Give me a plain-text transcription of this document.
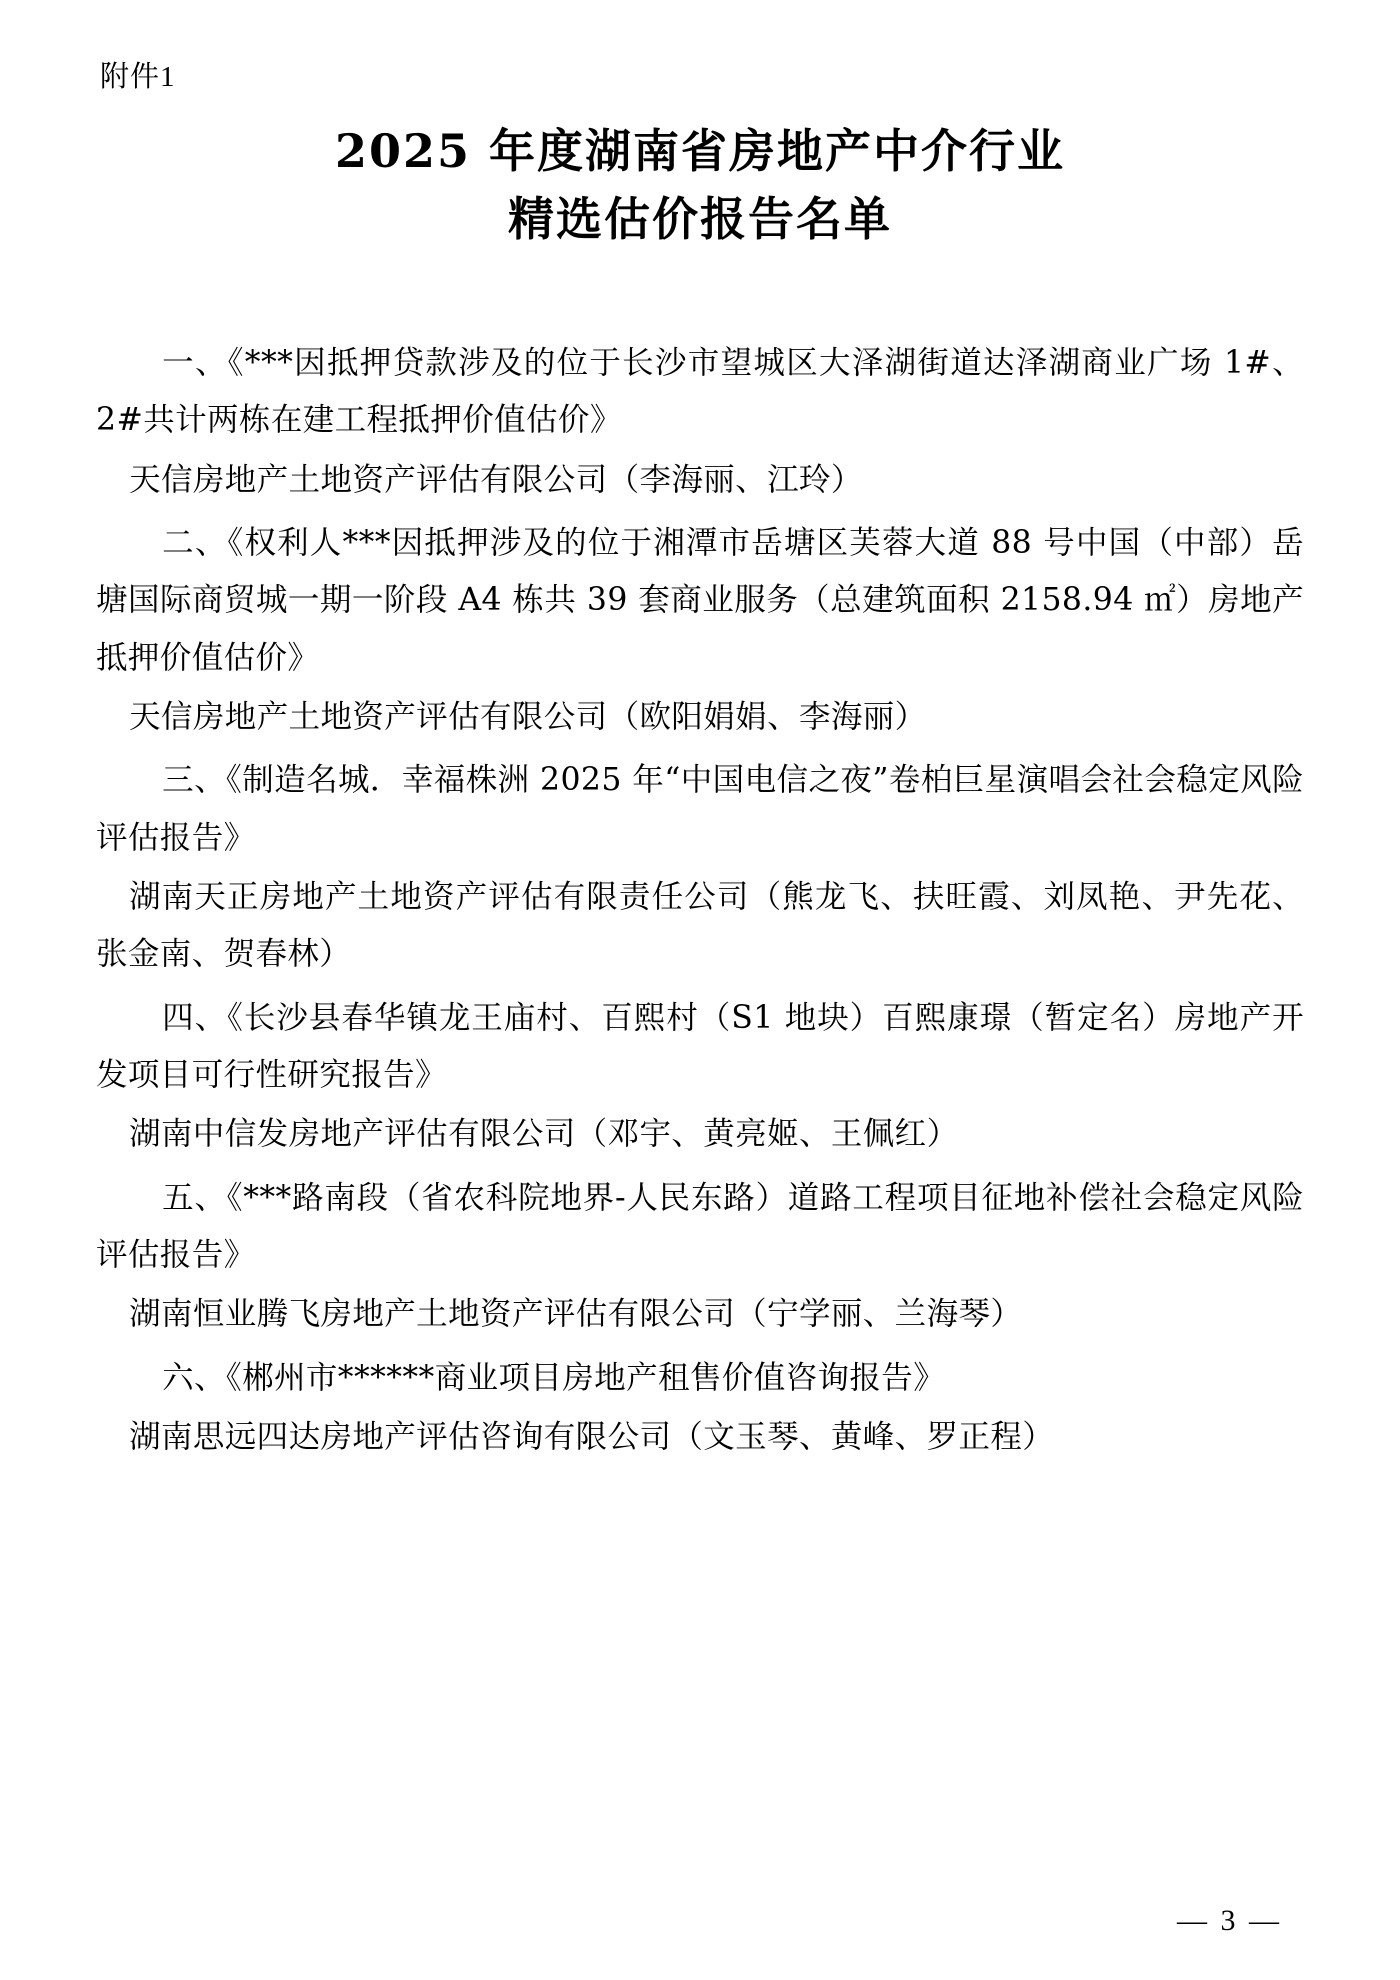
附件1
2025 年度湖南省房地产中介行业
精选估价报告名单

一、《***因抵押贷款涉及的位于长沙市望城区大泽湖街道达泽湖商业广场 1#、2#共计两栋在建工程抵押价值估价》

天信房地产土地资产评估有限公司（李海丽、江玲）

二、《权利人***因抵押涉及的位于湘潭市岳塘区芙蓉大道 88 号中国（中部）岳塘国际商贸城一期一阶段 A4 栋共 39 套商业服务（总建筑面积 2158.94 ㎡）房地产抵押价值估价》

天信房地产土地资产评估有限公司（欧阳娟娟、李海丽）

三、《制造名城．幸福株洲 2025 年“中国电信之夜”卷柏巨星演唱会社会稳定风险评估报告》

湖南天正房地产土地资产评估有限责任公司（熊龙飞、扶旺霞、刘凤艳、尹先花、张金南、贺春林）

四、《长沙县春华镇龙王庙村、百熙村（S1 地块）百熙康璟（暂定名）房地产开发项目可行性研究报告》

湖南中信发房地产评估有限公司（邓宇、黄亮姬、王佩红）

五、《***路南段（省农科院地界-人民东路）道路工程项目征地补偿社会稳定风险评估报告》

湖南恒业腾飞房地产土地资产评估有限公司（宁学丽、兰海琴）

六、《郴州市******商业项目房地产租售价值咨询报告》

湖南思远四达房地产评估咨询有限公司（文玉琴、黄峰、罗正程）

— 3 —
